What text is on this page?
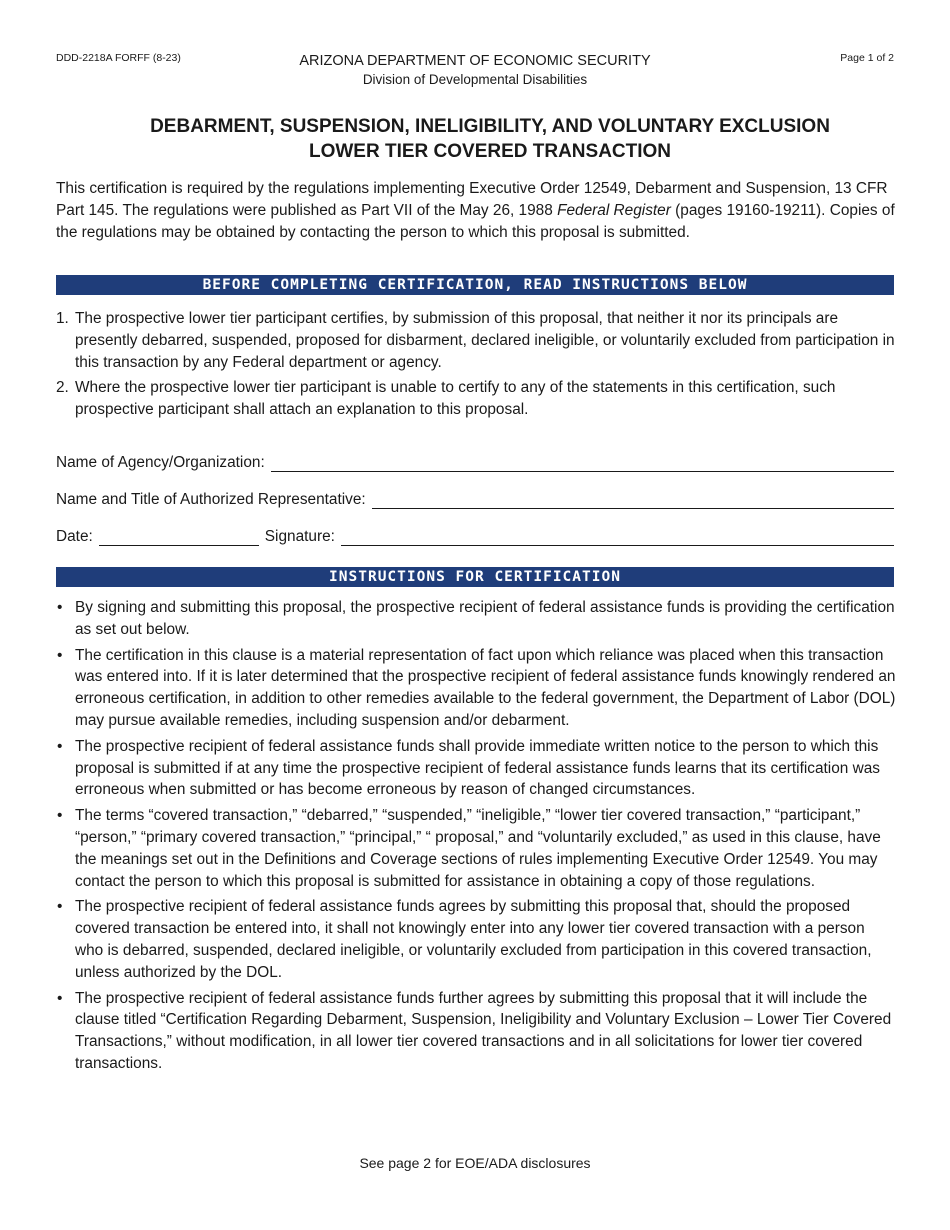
DDD-2218A FORFF (8-23)	ARIZONA DEPARTMENT OF ECONOMIC SECURITY
Division of Developmental Disabilities
Page 1 of 2
DEBARMENT, SUSPENSION, INELIGIBILITY, AND VOLUNTARY EXCLUSION
LOWER TIER COVERED TRANSACTION

This certification is required by the regulations implementing Executive Order 12549, Debarment and Suspension, 13 CFR Part 145. The regulations were published as Part VII of the May 26, 1988 Federal Register (pages 19160-19211). Copies of the regulations may be obtained by contacting the person to which this proposal is submitted.

BEFORE COMPLETING CERTIFICATION, READ INSTRUCTIONS BELOW
1. The prospective lower tier participant certifies, by submission of this proposal, that neither it nor its principals are presently debarred, suspended, proposed for disbarment, declared ineligible, or voluntarily excluded from participation in this transaction by any Federal department or agency.
2. Where the prospective lower tier participant is unable to certify to any of the statements in this certification, such prospective participant shall attach an explanation to this proposal.
Name of Agency/Organization:
Name and Title of Authorized Representative:
Date:	Signature:
INSTRUCTIONS FOR CERTIFICATION
• By signing and submitting this proposal, the prospective recipient of federal assistance funds is providing the certification as set out below.
• The certification in this clause is a material representation of fact upon which reliance was placed when this transaction was entered into. If it is later determined that the prospective recipient of federal assistance funds knowingly rendered an erroneous certification, in addition to other remedies available to the federal government, the Department of Labor (DOL) may pursue available remedies, including suspension and/or debarment.
• The prospective recipient of federal assistance funds shall provide immediate written notice to the person to which this proposal is submitted if at any time the prospective recipient of federal assistance funds learns that its certification was erroneous when submitted or has become erroneous by reason of changed circumstances.
• The terms “covered transaction,” “debarred,” “suspended,” “ineligible,” “lower tier covered transaction,” “participant,” “person,” “primary covered transaction,” “principal,” “ proposal,” and “voluntarily excluded,” as used in this clause, have the meanings set out in the Definitions and Coverage sections of rules implementing Executive Order 12549. You may contact the person to which this proposal is submitted for assistance in obtaining a copy of those regulations.
• The prospective recipient of federal assistance funds agrees by submitting this proposal that, should the proposed covered transaction be entered into, it shall not knowingly enter into any lower tier covered transaction with a person who is debarred, suspended, declared ineligible, or voluntarily excluded from participation in this covered transaction, unless authorized by the DOL.
• The prospective recipient of federal assistance funds further agrees by submitting this proposal that it will include the clause titled “Certification Regarding Debarment, Suspension, Ineligibility and Voluntary Exclusion – Lower Tier Covered Transactions,” without modification, in all lower tier covered transactions and in all solicitations for lower tier covered transactions.
See page 2 for EOE/ADA disclosures
